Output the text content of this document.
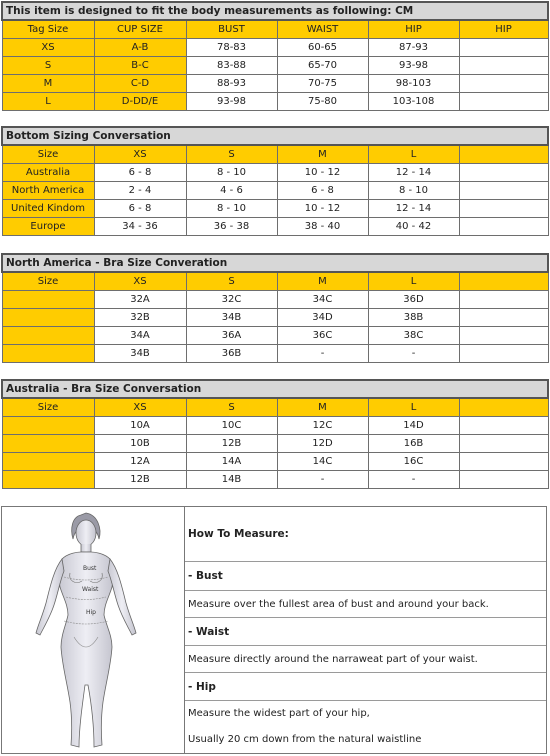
This item is designed to fit the body measurements as following: CM					
Tag Size	CUP SIZE	BUST	WAIST	HIP	HIP
XS	A-B	78-83	60-65	87-93	
S	B-C	83-88	65-70	93-98	
M	C-D	88-93	70-75	98-103	
L	D-DD/E	93-98	75-80	103-108	
Bottom Sizing Conversation					
Size	XS	S	M	L	
Australia	6 - 8	8 - 10	10 - 12	12 - 14	
North America	2 - 4	4 - 6	6 - 8	8 - 10	
United Kindom	6 - 8	8 - 10	10 - 12	12 - 14	
Europe	34 - 36	36 - 38	38 - 40	40 - 42	
North America - Bra Size Converation					
Size	XS	S	M	L	
	32A	32C	34C	36D	
	32B	34B	34D	38B	
	34A	36A	36C	38C	
	34B	36B	-	-	
Australia - Bra Size Conversation					
Size	XS	S	M	L	
	10A	10C	12C	14D	
	10B	12B	12D	16B	
	12A	14A	14C	16C	
	12B	14B	-	-	
Bust
Waist
Hip
How To Measure:
- Bust
Measure over the fullest area of bust and around your back.
- Waist
Measure directly around the narraweat part of your waist.
- Hip
Measure the widest part of your hip,
Usually 20 cm down from the natural waistline
